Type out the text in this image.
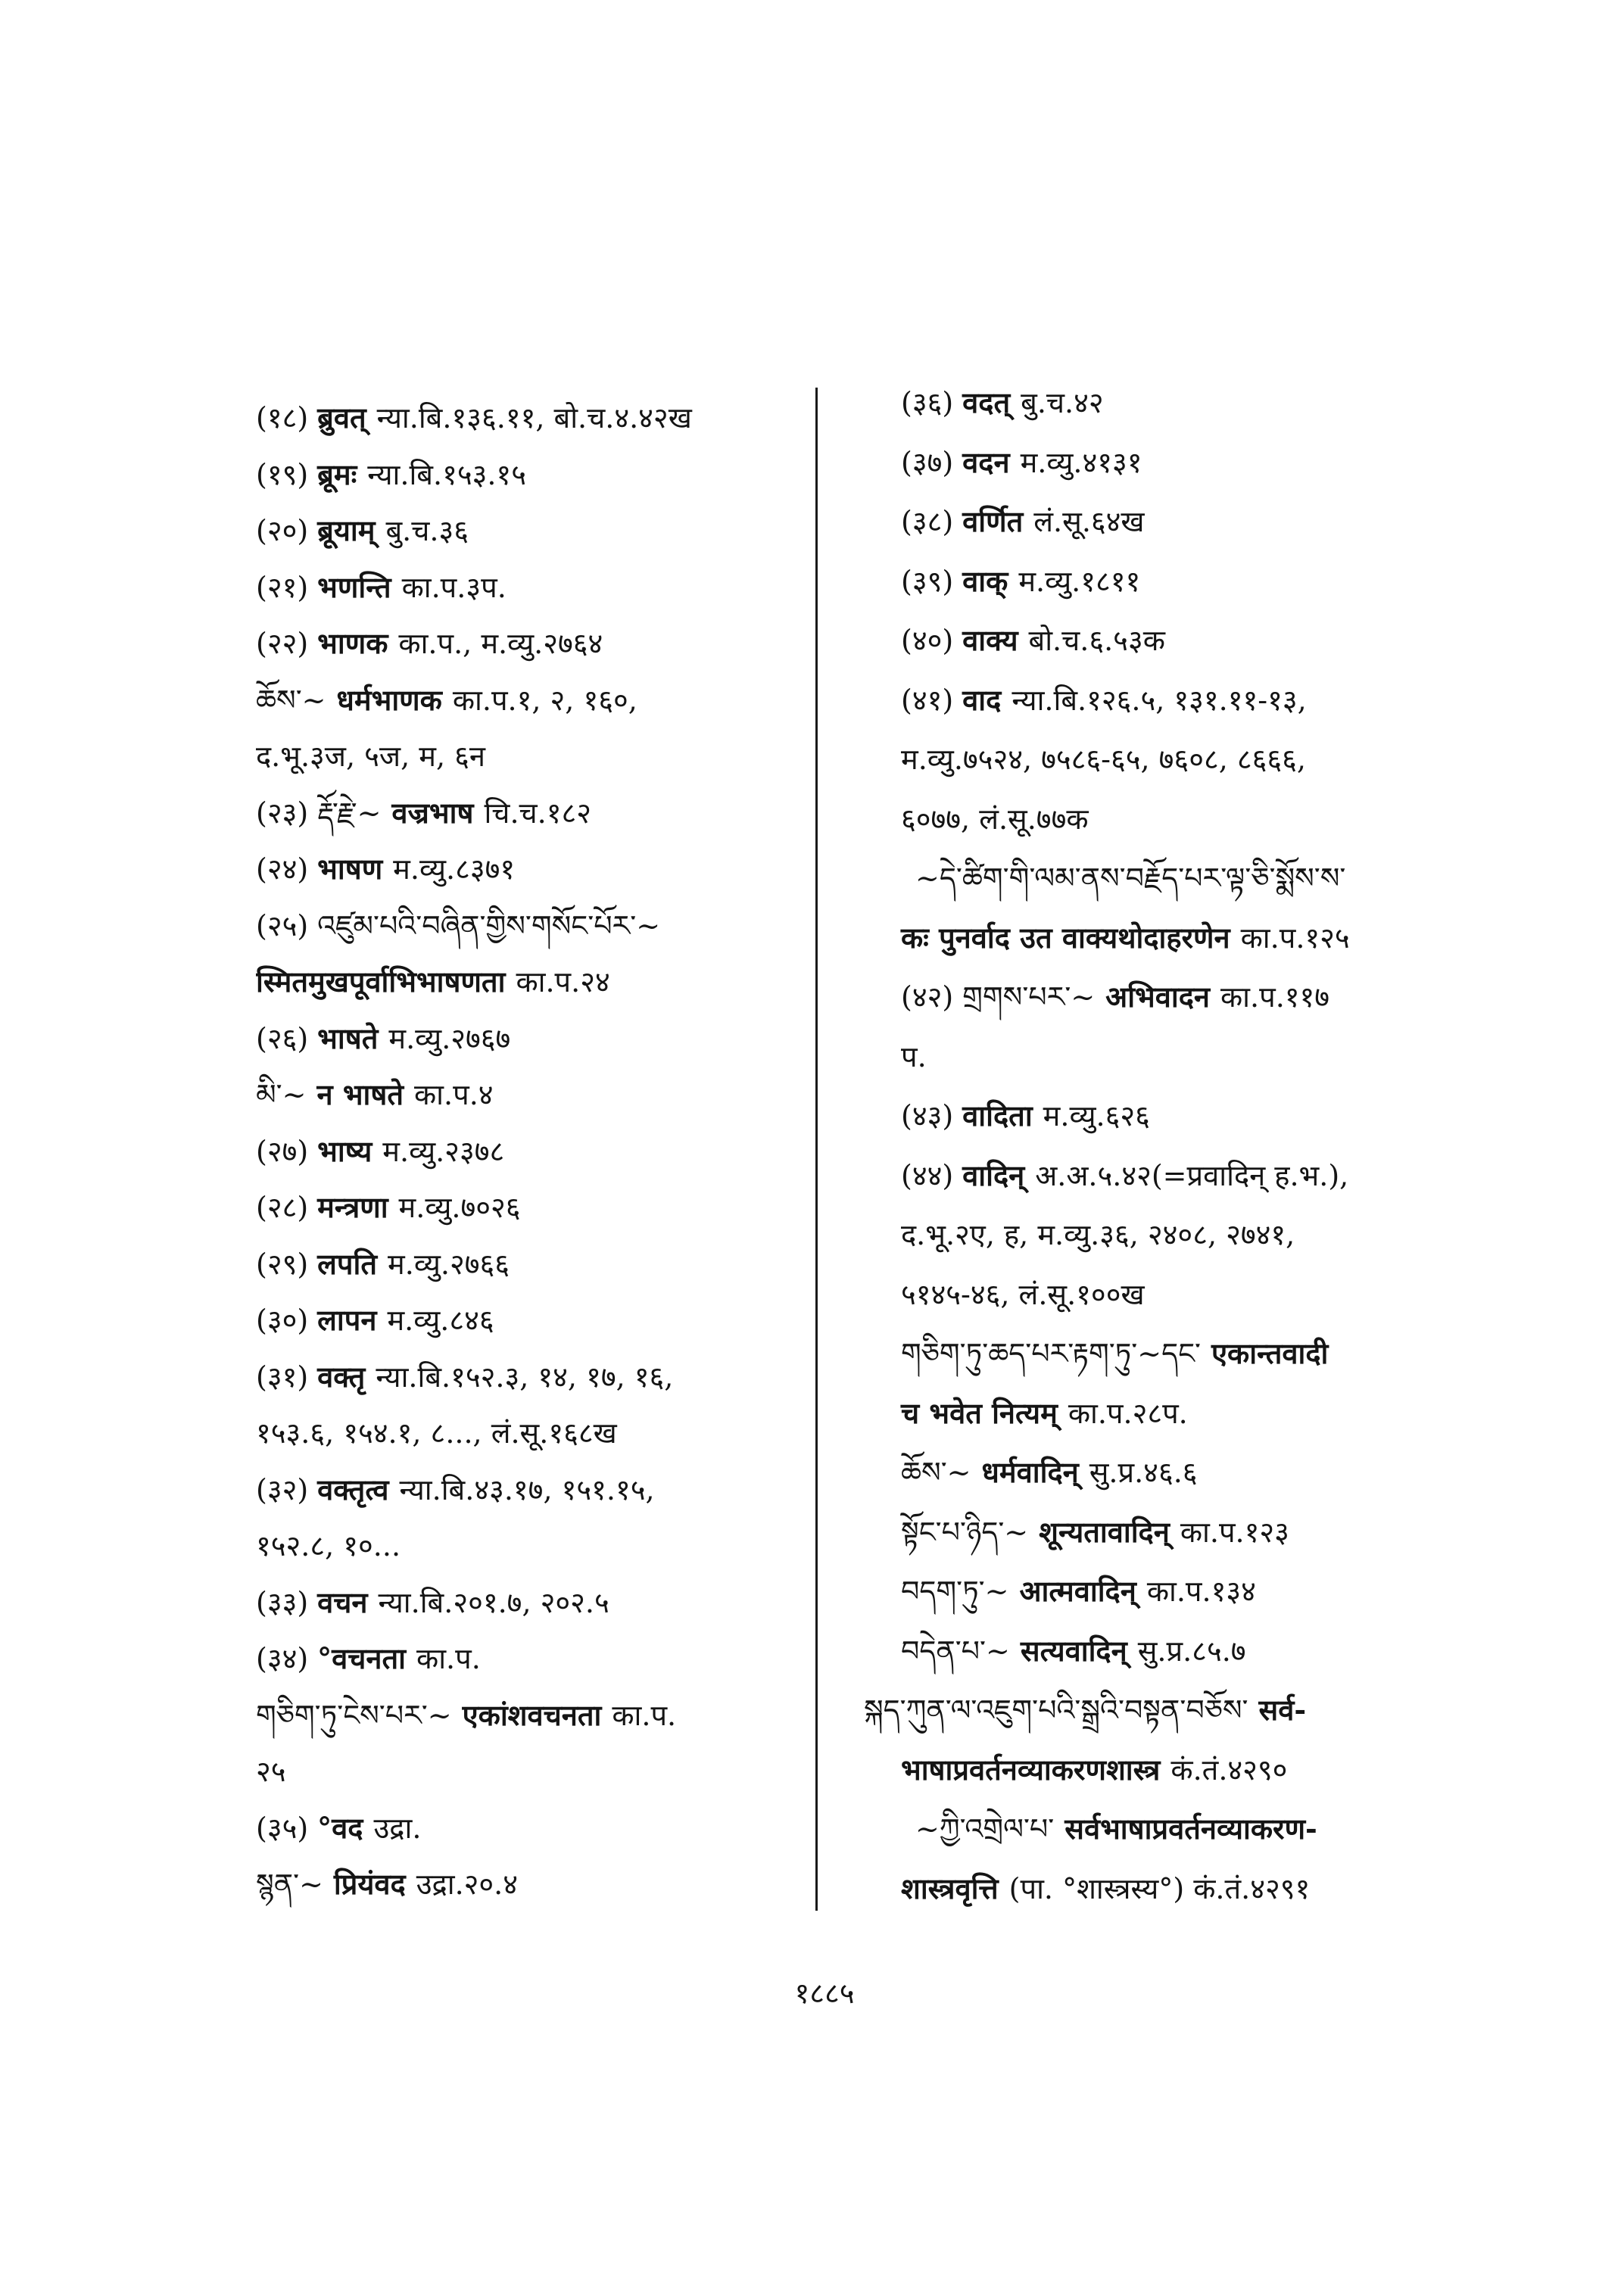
(१८) ब्रुवत् न्या.बि.१३६.११, बो.च.४.४२ख
(१९) ब्रूमः न्या.बि.१५३.१५
(२०) ब्रूयाम् बु.च.३६
(२१) भणन्ति का.प.३प.
(२२) भाणक का.प., म.व्यु.२७६४
ཆོས་~ धर्मभाणक का.प.१, २, १६०,
द.भू.३ज, ५ज, म, ६न
(२३) རྡོ་རྗེ་~ वज्रभाष चि.च.१८२
(२४) भाषण म.व्यु.८३७१
(२५) འཛུམ་པའི་བཞིན་གྱིས་གསོང་པོར་~
स्मितमुखपूर्वाभिभाषणता का.प.२४
(२६) भाषते म.व्यु.२७६७
མི་~ न भाषते का.प.४
(२७) भाष्य म.व्यु.२३७८
(२८) मन्त्रणा म.व्यु.७०२६
(२९) लपति म.व्यु.२७६६
(३०) लापन म.व्यु.८४६
(३१) वक्तृ न्या.बि.१५२.३, १४, १७, १६,
१५३.६, १५४.१, ८..., लं.सू.१६८ख
(३२) वक्तृत्व न्या.बि.४३.१७, १५१.१५,
१५२.८, १०...
(३३) वचन न्या.बि.२०१.७, २०२.५
(३४) °वचनता का.प.
གཅིག་ཏུ་ངེས་པར་~ एकांशवचनता का.प.
२५
(३५) °वद उद्रा.
སྙན་~ प्रियंवद उद्रा.२०.४
(३६) वदत् बु.च.४२
(३७) वदन म.व्यु.४१३१
(३८) वर्णित लं.सू.६४ख
(३९) वाक् म.व्यु.१८११
(४०) वाक्य बो.च.६.५३क
(४१) वाद न्या.बि.१२६.५, १३१.११-१३,
म.व्यु.७५२४, ७५८६-६५, ७६०८, ८६६६,
६०७७, लं.सू.७७क
~དེ་ཚིག་གི་ལམ་ནས་བརྗོད་པར་ལྟ་ཅི་སྨོས་ས་
कः पुनर्वाद उत वाक्यथोदाहरणेन का.प.१२५
(४२) གྲགས་པར་~ अभिवादन का.प.११७
प.
(४३) वादिता म.व्यु.६२६
(४४) वादिन् अ.अ.५.४२(=प्रवादिन् ह.भ.),
द.भू.२ए, ह, म.व्यु.३६, २४०८, २७४१,
५१४५-४६, लं.सू.१००ख
གཅིག་ཏུ་ཆད་པར་རྟག་ཏུ་~དང་ एकान्तवादी
च भवेत नित्यम् का.प.२८प.
ཆོས་~ धर्मवादिन् सु.प्र.४६.६
སྟོང་པ་ཉིད་~ शून्यतावादिन् का.प.१२३
བདག་ཏུ་~ आत्मवादिन् का.प.१३४
བདེན་པ་~ सत्यवादिन् सु.प्र.८५.७
སྐད་ཀུན་ལ་འཇུག་པའི་སྒྲའི་བསྟན་བཅོས་ सर्व-
भाषाप्रवर्तनव्याकरणशास्त्र कं.तं.४२९०
~ཀྱི་འགྲེལ་པ་ सर्वभाषाप्रवर्तनव्याकरण-
शास्त्रवृत्ति (पा. °शास्त्रस्य°) कं.तं.४२९१
१८८५
